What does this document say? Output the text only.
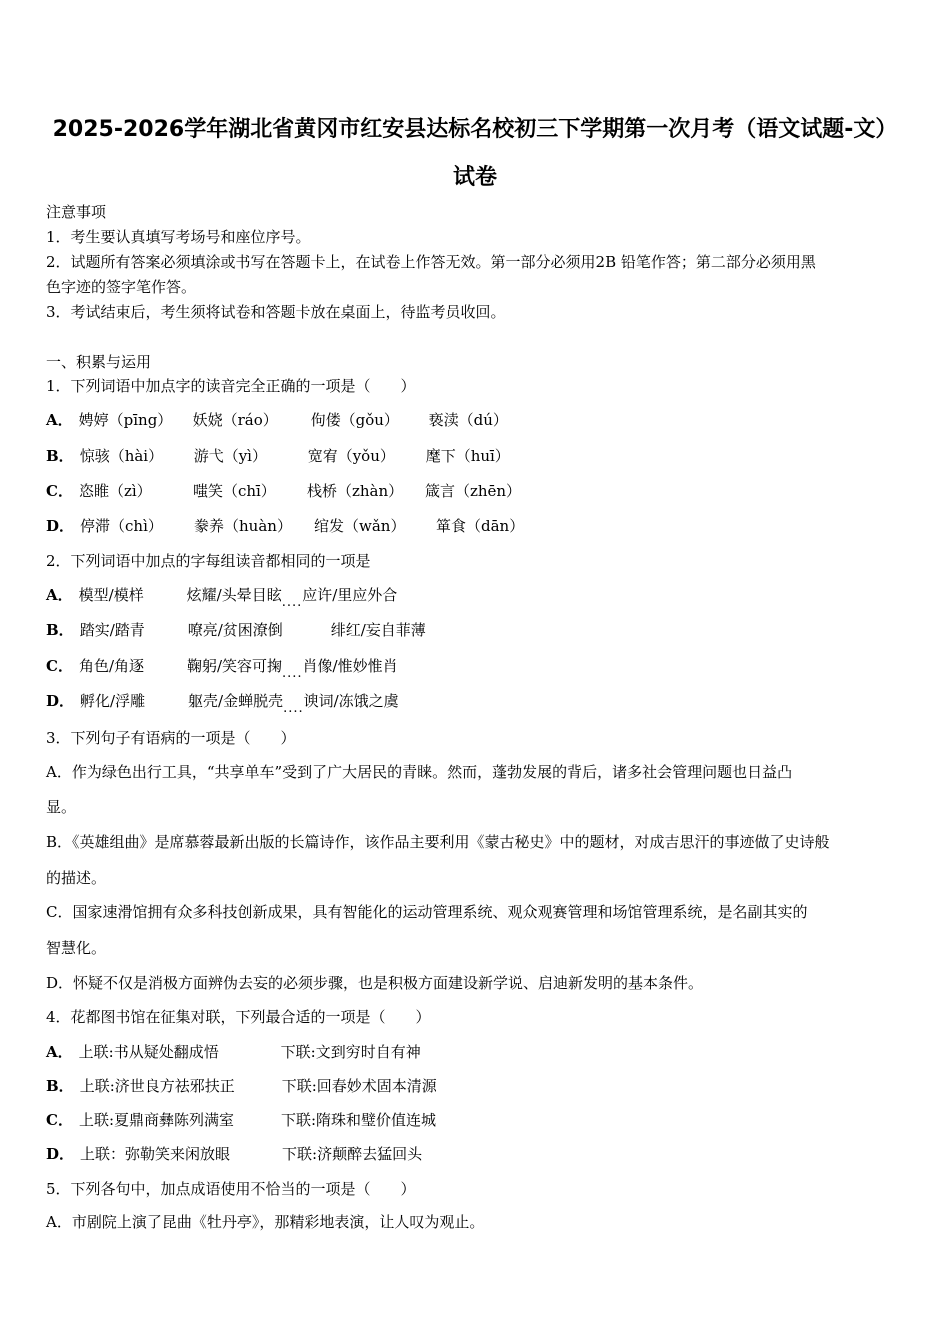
2025-2026学年湖北省黄冈市红安县达标名校初三下学期第一次月考（语文试题-文）
试卷
注意事项
1．考生要认真填写考场号和座位序号。
2．试题所有答案必须填涂或书写在答题卡上，在试卷上作答无效。第一部分必须用2B 铅笔作答；第二部分必须用黑
色字迹的签字笔作答。
3．考试结束后，考生须将试卷和答题卡放在桌面上，待监考员收回。
一、积累与运用
1．下列词语中加点字的读音完全正确的一项是（　　）
A． 娉婷（pīng） 妖娆（ráo） 佝偻（gǒu） 亵渎（dú）
B． 惊骇（hài） 游弋（yì）	宽宥（yǒu） 麾下（huī）
C． 恣睢（zì）	嗤笑（chī） 栈桥（zhàn） 箴言（zhēn）
D． 停滞（chì） 豢养（huàn） 绾发（wǎn） 箪食（dān）
2．下列词语中加点的字每组读音都相同的一项是
A． 模型/模样	炫耀/头晕目眩....应许/里应外合
B． 踏实/踏青	嘹亮/贫困潦倒	绯红/妄自菲薄
C． 角色/角逐	鞠躬/笑容可掬....肖像/惟妙惟肖
D． 孵化/浮雕	躯壳/金蝉脱壳....谀词/冻饿之虞
3．下列句子有语病的一项是（　　）
A．作为绿色出行工具，“共享单车”受到了广大居民的青睐。然而，蓬勃发展的背后，诸多社会管理问题也日益凸
显。
B．《英雄组曲》是席慕蓉最新出版的长篇诗作，该作品主要利用《蒙古秘史》中的题材，对成吉思汗的事迹做了史诗般
的描述。
C．国家速滑馆拥有众多科技创新成果，具有智能化的运动管理系统、观众观赛管理和场馆管理系统，是名副其实的
智慧化。
D．怀疑不仅是消极方面辨伪去妄的必须步骤，也是积极方面建设新学说、启迪新发明的基本条件。
4．花都图书馆在征集对联，下列最合适的一项是（　　）
A． 上联:书从疑处翻成悟	下联:文到穷时自有神
B． 上联:济世良方祛邪扶正	下联:回春妙术固本清源
C． 上联:夏鼎商彝陈列满室	下联:隋珠和璧价值连城
D． 上联：弥勒笑来闲放眼	下联:济颠醉去猛回头
5．下列各句中，加点成语使用不恰当的一项是（　　）
A．市剧院上演了昆曲《牡丹亭》，那精彩地表演，让人叹为观止。
